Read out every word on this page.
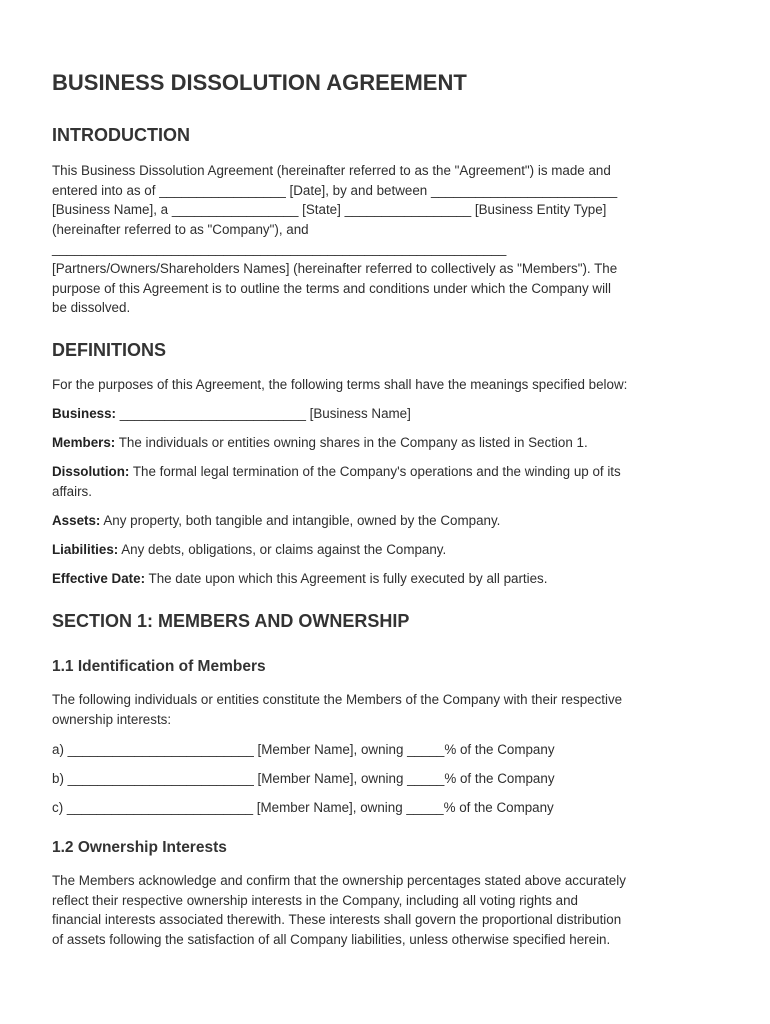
BUSINESS DISSOLUTION AGREEMENT
INTRODUCTION
This Business Dissolution Agreement (hereinafter referred to as the "Agreement") is made and
entered into as of _________________ [Date], by and between _________________________
[Business Name], a _________________ [State] _________________ [Business Entity Type]
(hereinafter referred to as "Company"), and
_____________________________________________________________
[Partners/Owners/Shareholders Names] (hereinafter referred to collectively as "Members"). The
purpose of this Agreement is to outline the terms and conditions under which the Company will
be dissolved.
DEFINITIONS

For the purposes of this Agreement, the following terms shall have the meanings specified below:

Business: _________________________ [Business Name]

Members: The individuals or entities owning shares in the Company as listed in Section 1.

Dissolution: The formal legal termination of the Company's operations and the winding up of its
affairs.

Assets: Any property, both tangible and intangible, owned by the Company.

Liabilities: Any debts, obligations, or claims against the Company.

Effective Date: The date upon which this Agreement is fully executed by all parties.

SECTION 1: MEMBERS AND OWNERSHIP
1.1 Identification of Members
The following individuals or entities constitute the Members of the Company with their respective
ownership interests:

a) _________________________ [Member Name], owning _____% of the Company

b) _________________________ [Member Name], owning _____% of the Company

c) _________________________ [Member Name], owning _____% of the Company

1.2 Ownership Interests
The Members acknowledge and confirm that the ownership percentages stated above accurately
reflect their respective ownership interests in the Company, including all voting rights and
financial interests associated therewith. These interests shall govern the proportional distribution
of assets following the satisfaction of all Company liabilities, unless otherwise specified herein.
